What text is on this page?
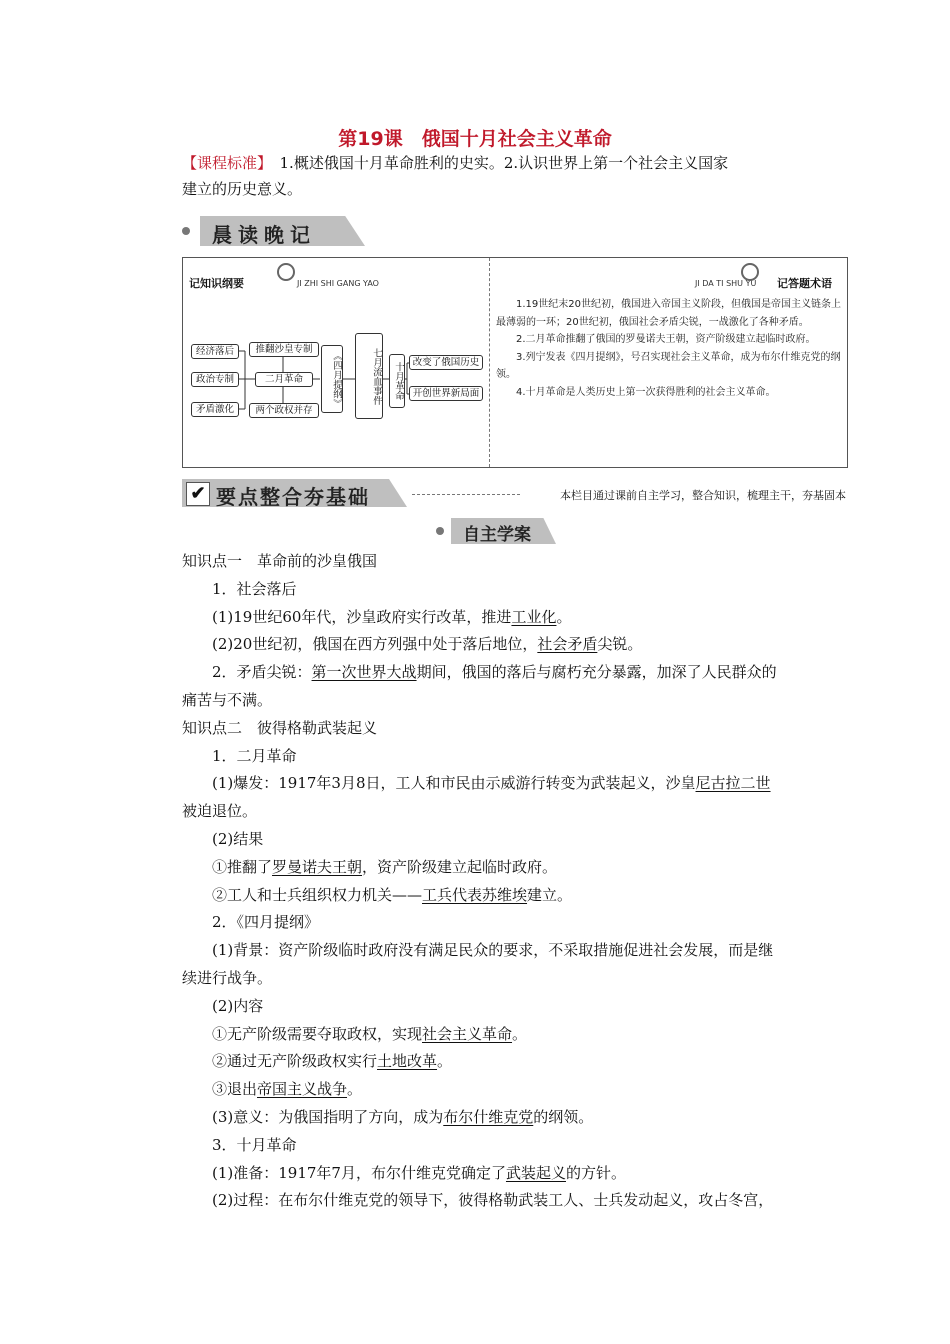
第19课　俄国十月社会主义革命
【课程标准】　1.概述俄国十月革命胜利的史实。2.认识世界上第一个社会主义国家
建立的历史意义。
晨读晚记
记知识纲要	JI ZHI SHI GANG YAO
经济落后
政治专制
矛盾激化
推翻沙皇专制
二月革命
两个政权并存
《四月提纲》	七月流血事件	十月革命 改变了俄国历史
开创世界新局面
JI DA TI SHU YU 记答题术语

1.19世纪末20世纪初，俄国进入帝国主义阶段，但俄国是帝国主义链条上最薄弱的一环；20世纪初，俄国社会矛盾尖锐，一战激化了各种矛盾。

2.二月革命推翻了俄国的罗曼诺夫王朝，资产阶级建立起临时政府。

3.列宁发表《四月提纲》，号召实现社会主义革命，成为布尔什维克党的纲领。

4.十月革命是人类历史上第一次获得胜利的社会主义革命。

✔ 要点整合夯基础	本栏目通过课前自主学习，整合知识，梳理主干，夯基固本
自主学案

知识点一　革命前的沙皇俄国

1．社会落后

(1)19世纪60年代，沙皇政府实行改革，推进工业化。

(2)20世纪初，俄国在西方列强中处于落后地位，社会矛盾尖锐。

2．矛盾尖锐：第一次世界大战期间，俄国的落后与腐朽充分暴露，加深了人民群众的

痛苦与不满。

知识点二　彼得格勒武装起义

1．二月革命

(1)爆发：1917年3月8日，工人和市民由示威游行转变为武装起义，沙皇尼古拉二世

被迫退位。

(2)结果

①推翻了罗曼诺夫王朝，资产阶级建立起临时政府。

②工人和士兵组织权力机关——工兵代表苏维埃建立。

2．《四月提纲》

(1)背景：资产阶级临时政府没有满足民众的要求，不采取措施促进社会发展，而是继

续进行战争。

(2)内容

①无产阶级需要夺取政权，实现社会主义革命。

②通过无产阶级政权实行土地改革。

③退出帝国主义战争。

(3)意义：为俄国指明了方向，成为布尔什维克党的纲领。

3．十月革命

(1)准备：1917年7月，布尔什维克党确定了武装起义的方针。

(2)过程：在布尔什维克党的领导下，彼得格勒武装工人、士兵发动起义，攻占冬宫，
